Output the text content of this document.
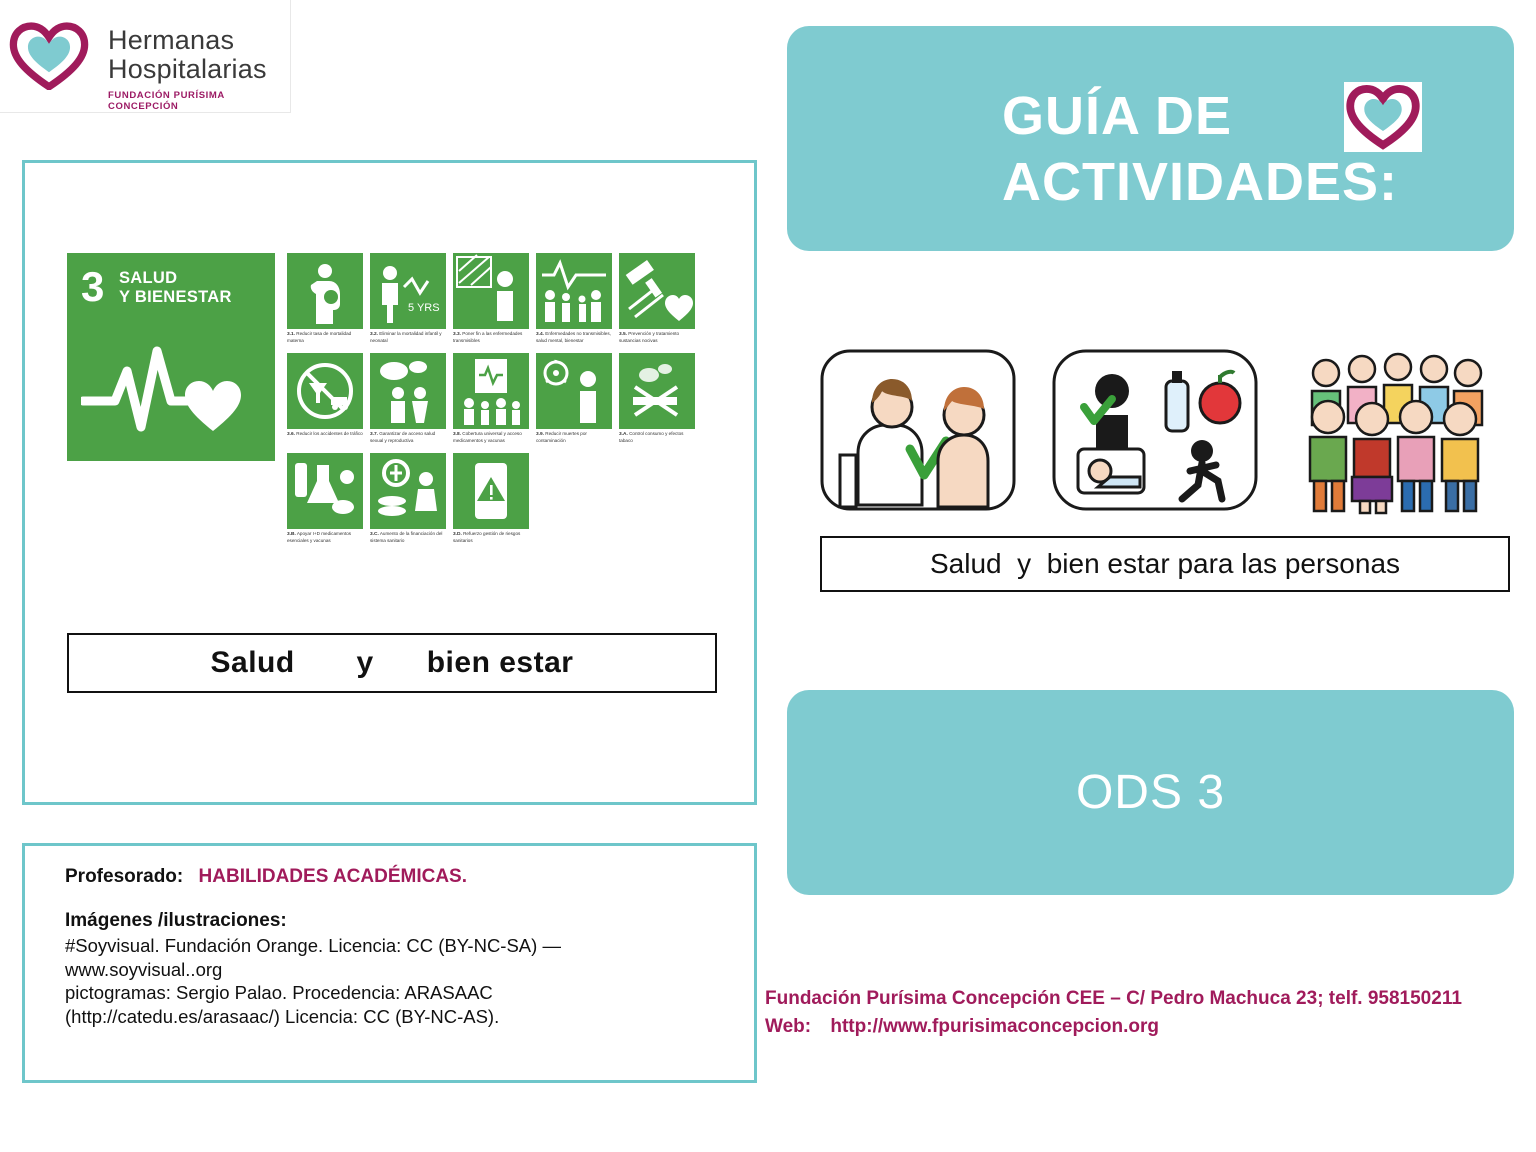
Hermanas
Hospitalarias
FUNDACIÓN PURÍSIMA CONCEPCIÓN
3 SALUD
Y BIENESTAR
3.1. Reducir tasa de mortalidad materna
5 YRS
3.2. Eliminar la mortalidad infantil y neonatal
3.3. Poner fin a las enfermedades transmisibles
3.4. Enfermedades no transmisibles, salud mental, bienestar
3.5. Prevención y tratamiento sustancias nocivas
3.6. Reducir los accidentes de tráfico 3.7. Garantizar de acceso salud sexual y reproductiva
3.8. Cobertura universal y acceso medicamentos y vacunas
3.9. Reducir muertes por contaminación
3.A. Control consumo y efectos tabaco
3.B. Apoyar I+D medicamentos esenciales y vacunas
3.C. Aumento de la financiación del sistema sanitario
3.D. Refuerzo gestión de riesgos sanitarios
Salud       y      bien estar
Profesorado: HABILIDADES ACADÉMICAS.
Imágenes /ilustraciones:
#Soyvisual. Fundación Orange. Licencia: CC (BY-NC-SA) —
www.soyvisual..org
pictogramas: Sergio Palao. Procedencia: ARASAAC
(http://catedu.es/arasaac/) Licencia: CC (BY-NC-AS).
GUÍA DE ACTIVIDADES:
Salud  y  bien estar para las personas
ODS 3
Fundación Purísima Concepción CEE – C/ Pedro Machuca 23; telf. 958150211
Web: http://www.fpurisimaconcepcion.org
